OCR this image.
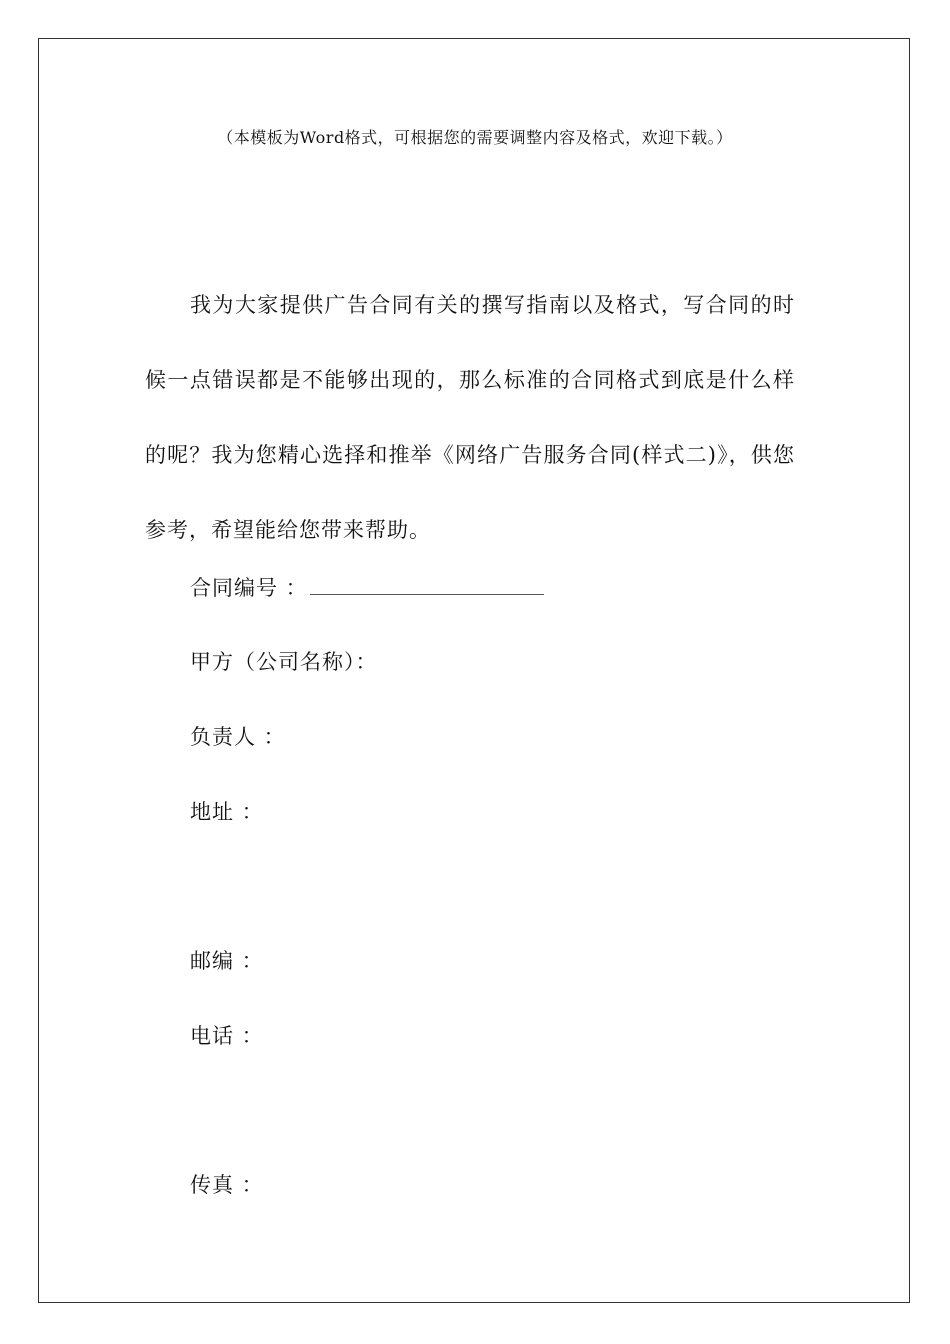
（本模板为Word格式，可根据您的需要调整内容及格式，欢迎下载。）

我为大家提供广告合同有关的撰写指南以及格式，写合同的时候一点错误都是不能够出现的，那么标准的合同格式到底是什么样的呢？我为您精心选择和推举《网络广告服务合同(样式二)》，供您参考，希望能给您带来帮助。

合同编号 ：
甲方（公司名称）：
负责人 ：
地址 ：
邮编 ：
电话 ：
传真 ：
